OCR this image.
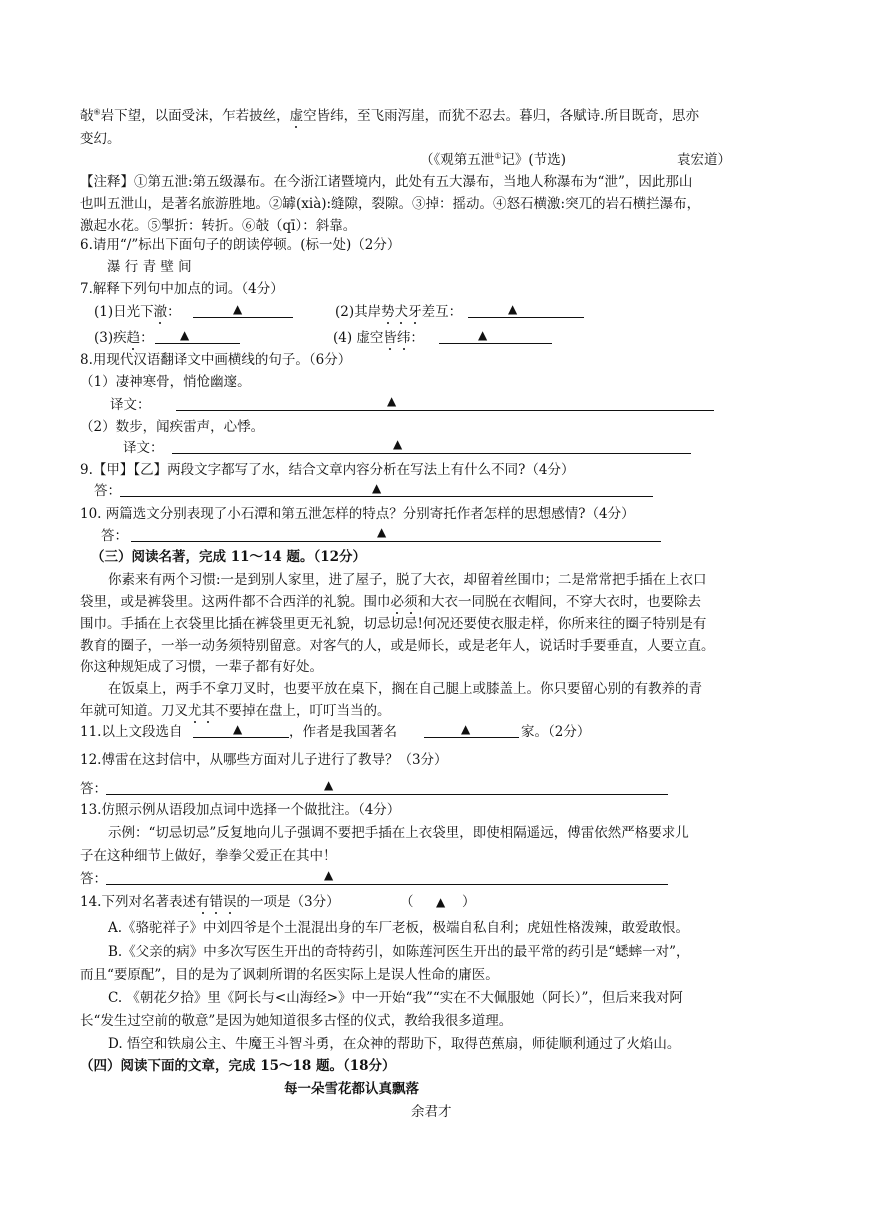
敧⑥岩下望，以面受沫，乍若披丝，虚空皆纬，至飞雨泻崖，而犹不忍去。暮归，各赋诗.所目既奇，思亦
变幻。
（《观第五泄①记》(节选)	袁宏道）
【注释】①第五泄:第五级瀑布。在今浙江诸暨境内，此处有五大瀑布，当地人称瀑布为“泄”，因此那山
也叫五泄山，是著名旅游胜地。②罅(xià):缝隙，裂隙。③掉：摇动。④怒石横激:突兀的岩石横拦瀑布，
激起水花。⑤掣折：转折。⑥敧（qī）：斜靠。
6.请用“/”标出下面句子的朗读停顿。(标一处)（2分）
瀑 行 青 壁 间
7.解释下列句中加点的词。（4分）
(1)日光下澈：	▲	(2)其岸势犬牙差互：	▲
(3)疾趋： ▲	(4) 虚空皆纬：	▲
8.用现代汉语翻译文中画横线的句子。（6分）
（1）凄神寒骨，悄怆幽邃。
译文：	▲
（2）数步，闻疾雷声，心悸。
译文：	▲
9.【甲】【乙】两段文字都写了水，结合文章内容分析在写法上有什么不同?（4分）
答：	▲
10. 两篇选文分别表现了小石潭和第五泄怎样的特点？分别寄托作者怎样的思想感情?（4分）
答：	▲
（三）阅读名著，完成 11～14 题。（12分）
你素来有两个习惯:一是到别人家里，进了屋子，脱了大衣，却留着丝围巾；二是常常把手插在上衣口
袋里，或是裤袋里。这两件都不合西洋的礼貌。围巾必须和大衣一同脱在衣帽间，不穿大衣时，也要除去
围巾。手插在上衣袋里比插在裤袋里更无礼貌，切忌切忌!何况还要使衣服走样，你所来往的圈子特别是有
教育的圈子，一举一动务须特别留意。对客气的人，或是师长，或是老年人，说话时手要垂直，人要立直。
你这种规矩成了习惯，一辈子都有好处。
在饭桌上，两手不拿刀叉时，也要平放在桌下，搁在自己腿上或膝盖上。你只要留心别的有教养的青
年就可知道。刀叉尤其不要掉在盘上，叮叮当当的。
11.以上文段选自	▲	，作者是我国著名	▲	家。（2分）
12.傅雷在这封信中，从哪些方面对儿子进行了教导？（3分）
答：	▲
13.仿照示例从语段加点词中选择一个做批注。（4分）
示例：“切忌切忌”反复地向儿子强调不要把手插在上衣袋里，即使相隔遥远，傅雷依然严格要求儿
子在这种细节上做好，拳拳父爱正在其中！
答：	▲
14.下列对名著表述有错误的一项是（3分）	（ ▲ ）
A.《骆驼祥子》中刘四爷是个土混混出身的车厂老板，极端自私自利；虎妞性格泼辣，敢爱敢恨。
B.《父亲的病》中多次写医生开出的奇特药引，如陈莲河医生开出的最平常的药引是“蟋蟀一对”，
而且“要原配”，目的是为了讽刺所谓的名医实际上是误人性命的庸医。
C. 《朝花夕拾》里《阿长与<山海经>》中一开始“我”“实在不大佩服她（阿长）”，但后来我对阿
长“发生过空前的敬意”是因为她知道很多古怪的仪式，教给我很多道理。
D. 悟空和铁扇公主、牛魔王斗智斗勇，在众神的帮助下，取得芭蕉扇，师徒顺利通过了火焰山。
（四）阅读下面的文章，完成 15～18 题。（18分）
每一朵雪花都认真飘落
余君才
